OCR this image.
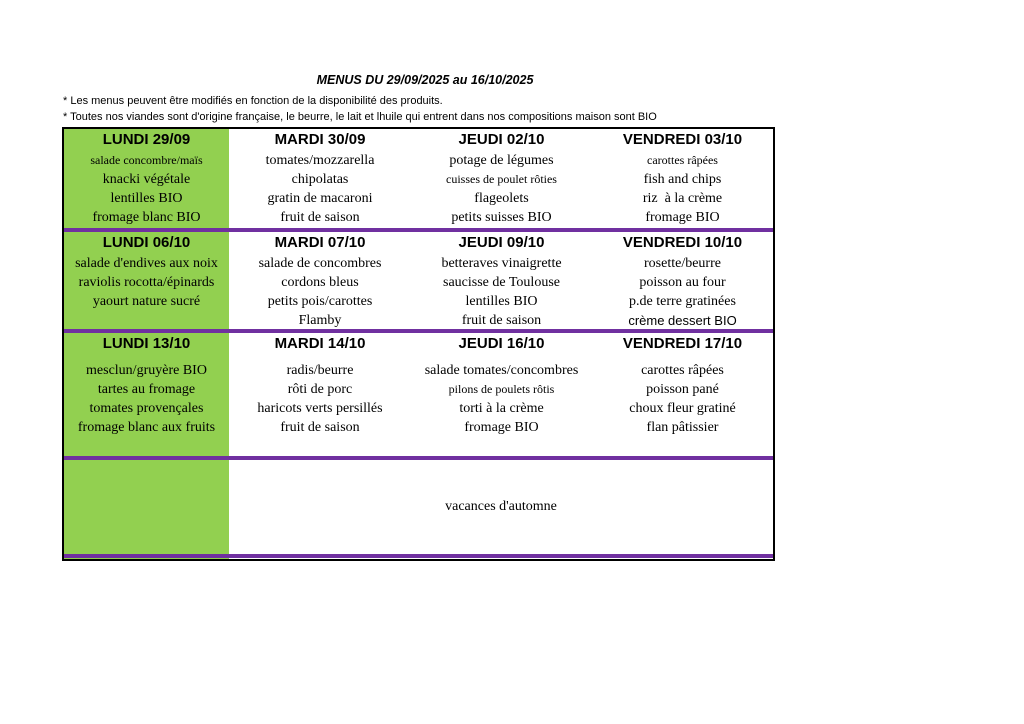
MENUS DU 29/09/2025 au 16/10/2025
* Les menus peuvent être modifiés en fonction de la disponibilité des produits.
* Toutes nos viandes sont d'origine française, le beurre, le lait et lhuile qui entrent dans nos compositions maison sont BIO
LUNDI 29/09
salade concombre/maïs
knacki végétale
lentilles BIO
fromage blanc BIO
MARDI 30/09
tomates/mozzarella
chipolatas
gratin de macaroni
fruit de saison
JEUDI 02/10
potage de légumes
cuisses de poulet rôties
flageolets
petits suisses BIO
VENDREDI 03/10
carottes râpées
fish and chips
riz  à la crème
fromage BIO
LUNDI 06/10
salade d'endives aux noix
raviolis rocotta/épinards
yaourt nature sucré
MARDI 07/10
salade de concombres
cordons bleus
petits pois/carottes
Flamby
JEUDI 09/10
betteraves vinaigrette
saucisse de Toulouse
lentilles BIO
fruit de saison
VENDREDI 10/10
rosette/beurre
poisson au four
p.de terre gratinées
crème dessert BIO
LUNDI 13/10
mesclun/gruyère BIO
tartes au fromage
tomates provençales
fromage blanc aux fruits
MARDI 14/10
radis/beurre
rôti de porc
haricots verts persillés
fruit de saison
JEUDI 16/10
salade tomates/concombres
pilons de poulets rôtis
torti à la crème
fromage BIO
VENDREDI 17/10
carottes râpées
poisson pané
choux fleur gratiné
flan pâtissier
vacances d'automne
